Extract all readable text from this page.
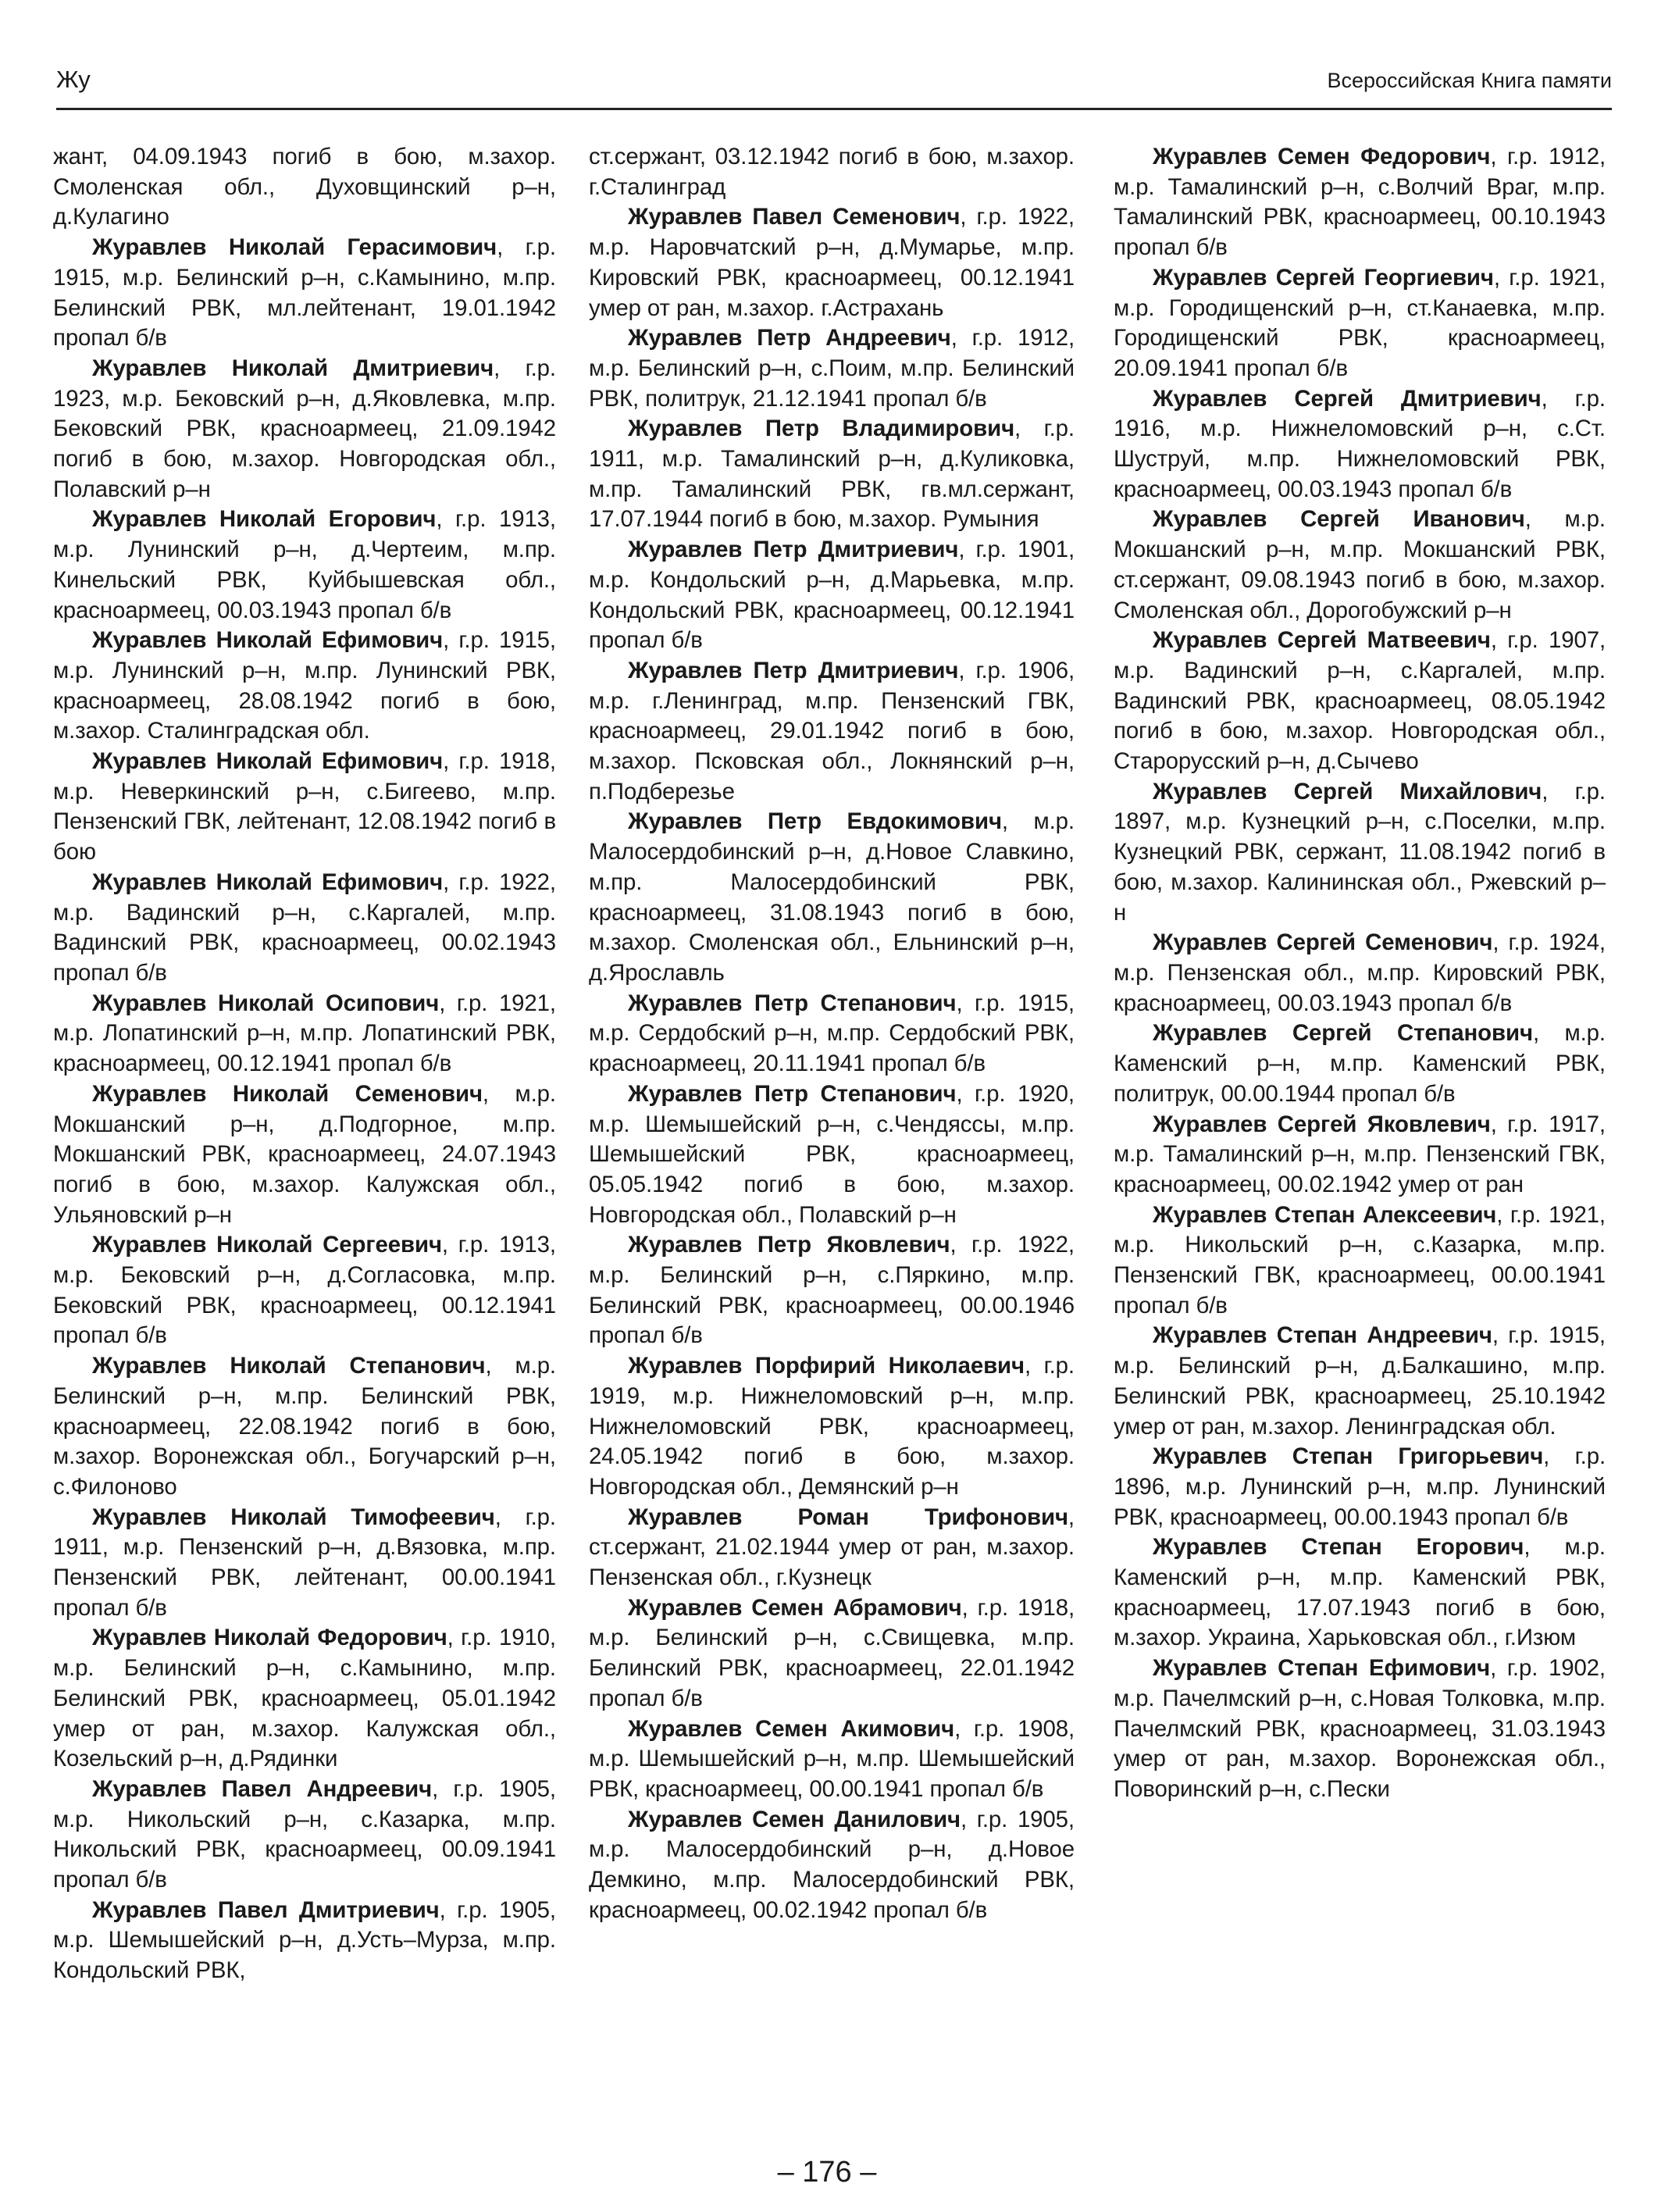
Жу	Всероссийская Книга памяти

жант, 04.09.1943 погиб в бою, м.захор. Смоленская обл., Духовщинский р–н, д.Кулагино

Журавлев Николай Герасимович, г.р. 1915, м.р. Белинский р–н, с.Камынино, м.пр. Белинский РВК, мл.лейтенант, 19.01.1942 пропал б/в

Журавлев Николай Дмитриевич, г.р. 1923, м.р. Бековский р–н, д.Яковлевка, м.пр. Бековский РВК, красноармеец, 21.09.1942 погиб в бою, м.захор. Новгородская обл., Полавский р–н

Журавлев Николай Егорович, г.р. 1913, м.р. Лунинский р–н, д.Чертеим, м.пр. Кинельский РВК, Куйбышевская обл., красноармеец, 00.03.1943 пропал б/в

Журавлев Николай Ефимович, г.р. 1915, м.р. Лунинский р–н, м.пр. Лунинский РВК, красноармеец, 28.08.1942 погиб в бою, м.захор. Сталинградская обл.

Журавлев Николай Ефимович, г.р. 1918, м.р. Неверкинский р–н, с.Бигеево, м.пр. Пензенский ГВК, лейтенант, 12.08.1942 погиб в бою

Журавлев Николай Ефимович, г.р. 1922, м.р. Вадинский р–н, с.Каргалей, м.пр. Вадинский РВК, красноармеец, 00.02.1943 пропал б/в

Журавлев Николай Осипович, г.р. 1921, м.р. Лопатинский р–н, м.пр. Лопатинский РВК, красноармеец, 00.12.1941 пропал б/в

Журавлев Николай Семенович, м.р. Мокшанский р–н, д.Подгорное, м.пр. Мокшанский РВК, красноармеец, 24.07.1943 погиб в бою, м.захор. Калужская обл., Ульяновский р–н

Журавлев Николай Сергеевич, г.р. 1913, м.р. Бековский р–н, д.Согласовка, м.пр. Бековский РВК, красноармеец, 00.12.1941 пропал б/в

Журавлев Николай Степанович, м.р. Белинский р–н, м.пр. Белинский РВК, красноармеец, 22.08.1942 погиб в бою, м.захор. Воронежская обл., Богучарский р–н, с.Филоново

Журавлев Николай Тимофеевич, г.р. 1911, м.р. Пензенский р–н, д.Вязовка, м.пр. Пензенский РВК, лейтенант, 00.00.1941 пропал б/в

Журавлев Николай Федорович, г.р. 1910, м.р. Белинский р–н, с.Камынино, м.пр. Белинский РВК, красноармеец, 05.01.1942 умер от ран, м.захор. Калужская обл., Козельский р–н, д.Рядинки

Журавлев Павел Андреевич, г.р. 1905, м.р. Никольский р–н, с.Казарка, м.пр. Никольский РВК, красноармеец, 00.09.1941 пропал б/в

Журавлев Павел Дмитриевич, г.р. 1905, м.р. Шемышейский р–н, д.Усть–Мурза, м.пр. Кондольский РВК,

ст.сержант, 03.12.1942 погиб в бою, м.захор. г.Сталинград

Журавлев Павел Семенович, г.р. 1922, м.р. Наровчатский р–н, д.Мумарье, м.пр. Кировский РВК, красноармеец, 00.12.1941 умер от ран, м.захор. г.Астрахань

Журавлев Петр Андреевич, г.р. 1912, м.р. Белинский р–н, с.Поим, м.пр. Белинский РВК, политрук, 21.12.1941 пропал б/в

Журавлев Петр Владимирович, г.р. 1911, м.р. Тамалинский р–н, д.Куликовка, м.пр. Тамалинский РВК, гв.мл.сержант, 17.07.1944 погиб в бою, м.захор. Румыния

Журавлев Петр Дмитриевич, г.р. 1901, м.р. Кондольский р–н, д.Марьевка, м.пр. Кондольский РВК, красноармеец, 00.12.1941 пропал б/в

Журавлев Петр Дмитриевич, г.р. 1906, м.р. г.Ленинград, м.пр. Пензенский ГВК, красноармеец, 29.01.1942 погиб в бою, м.захор. Псковская обл., Локнянский р–н, п.Подберезье

Журавлев Петр Евдокимович, м.р. Малосердобинский р–н, д.Новое Славкино, м.пр. Малосердобинский РВК, красноармеец, 31.08.1943 погиб в бою, м.захор. Смоленская обл., Ельнинский р–н, д.Ярославль

Журавлев Петр Степанович, г.р. 1915, м.р. Сердобский р–н, м.пр. Сердобский РВК, красноармеец, 20.11.1941 пропал б/в

Журавлев Петр Степанович, г.р. 1920, м.р. Шемышейский р–н, с.Чендяссы, м.пр. Шемышейский РВК, красноармеец, 05.05.1942 погиб в бою, м.захор. Новгородская обл., Полавский р–н

Журавлев Петр Яковлевич, г.р. 1922, м.р. Белинский р–н, с.Пяркино, м.пр. Белинский РВК, красноармеец, 00.00.1946 пропал б/в

Журавлев Порфирий Николаевич, г.р. 1919, м.р. Нижнеломовский р–н, м.пр. Нижнеломовский РВК, красноармеец, 24.05.1942 погиб в бою, м.захор. Новгородская обл., Демянский р–н

Журавлев Роман Трифонович, ст.сержант, 21.02.1944 умер от ран, м.захор. Пензенская обл., г.Кузнецк

Журавлев Семен Абрамович, г.р. 1918, м.р. Белинский р–н, с.Свищевка, м.пр. Белинский РВК, красноармеец, 22.01.1942 пропал б/в

Журавлев Семен Акимович, г.р. 1908, м.р. Шемышейский р–н, м.пр. Шемышейский РВК, красноармеец, 00.00.1941 пропал б/в

Журавлев Семен Данилович, г.р. 1905, м.р. Малосердобинский р–н, д.Новое Демкино, м.пр. Малосердобинский РВК, красноармеец, 00.02.1942 пропал б/в

Журавлев Семен Федорович, г.р. 1912, м.р. Тамалинский р–н, с.Волчий Враг, м.пр. Тамалинский РВК, красноармеец, 00.10.1943 пропал б/в

Журавлев Сергей Георгиевич, г.р. 1921, м.р. Городищенский р–н, ст.Канаевка, м.пр. Городищенский РВК, красноармеец, 20.09.1941 пропал б/в

Журавлев Сергей Дмитриевич, г.р. 1916, м.р. Нижнеломовский р–н, с.Ст. Шуструй, м.пр. Нижнеломовский РВК, красноармеец, 00.03.1943 пропал б/в

Журавлев Сергей Иванович, м.р. Мокшанский р–н, м.пр. Мокшанский РВК, ст.сержант, 09.08.1943 погиб в бою, м.захор. Смоленская обл., Дорогобужский р–н

Журавлев Сергей Матвеевич, г.р. 1907, м.р. Вадинский р–н, с.Каргалей, м.пр. Вадинский РВК, красноармеец, 08.05.1942 погиб в бою, м.захор. Новгородская обл., Старорусский р–н, д.Сычево

Журавлев Сергей Михайлович, г.р. 1897, м.р. Кузнецкий р–н, с.Поселки, м.пр. Кузнецкий РВК, сержант, 11.08.1942 погиб в бою, м.захор. Калининская обл., Ржевский р–н

Журавлев Сергей Семенович, г.р. 1924, м.р. Пензенская обл., м.пр. Кировский РВК, красноармеец, 00.03.1943 пропал б/в

Журавлев Сергей Степанович, м.р. Каменский р–н, м.пр. Каменский РВК, политрук, 00.00.1944 пропал б/в

Журавлев Сергей Яковлевич, г.р. 1917, м.р. Тамалинский р–н, м.пр. Пензенский ГВК, красноармеец, 00.02.1942 умер от ран

Журавлев Степан Алексеевич, г.р. 1921, м.р. Никольский р–н, с.Казарка, м.пр. Пензенский ГВК, красноармеец, 00.00.1941 пропал б/в

Журавлев Степан Андреевич, г.р. 1915, м.р. Белинский р–н, д.Балкашино, м.пр. Белинский РВК, красноармеец, 25.10.1942 умер от ран, м.захор. Ленинградская обл.

Журавлев Степан Григорьевич, г.р. 1896, м.р. Лунинский р–н, м.пр. Лунинский РВК, красноармеец, 00.00.1943 пропал б/в

Журавлев Степан Егорович, м.р. Каменский р–н, м.пр. Каменский РВК, красноармеец, 17.07.1943 погиб в бою, м.захор. Украина, Харьковская обл., г.Изюм

Журавлев Степан Ефимович, г.р. 1902, м.р. Пачелмский р–н, с.Новая Толковка, м.пр. Пачелмский РВК, красноармеец, 31.03.1943 умер от ран, м.захор. Воронежская обл., Поворинский р–н, с.Пески

– 176 –
